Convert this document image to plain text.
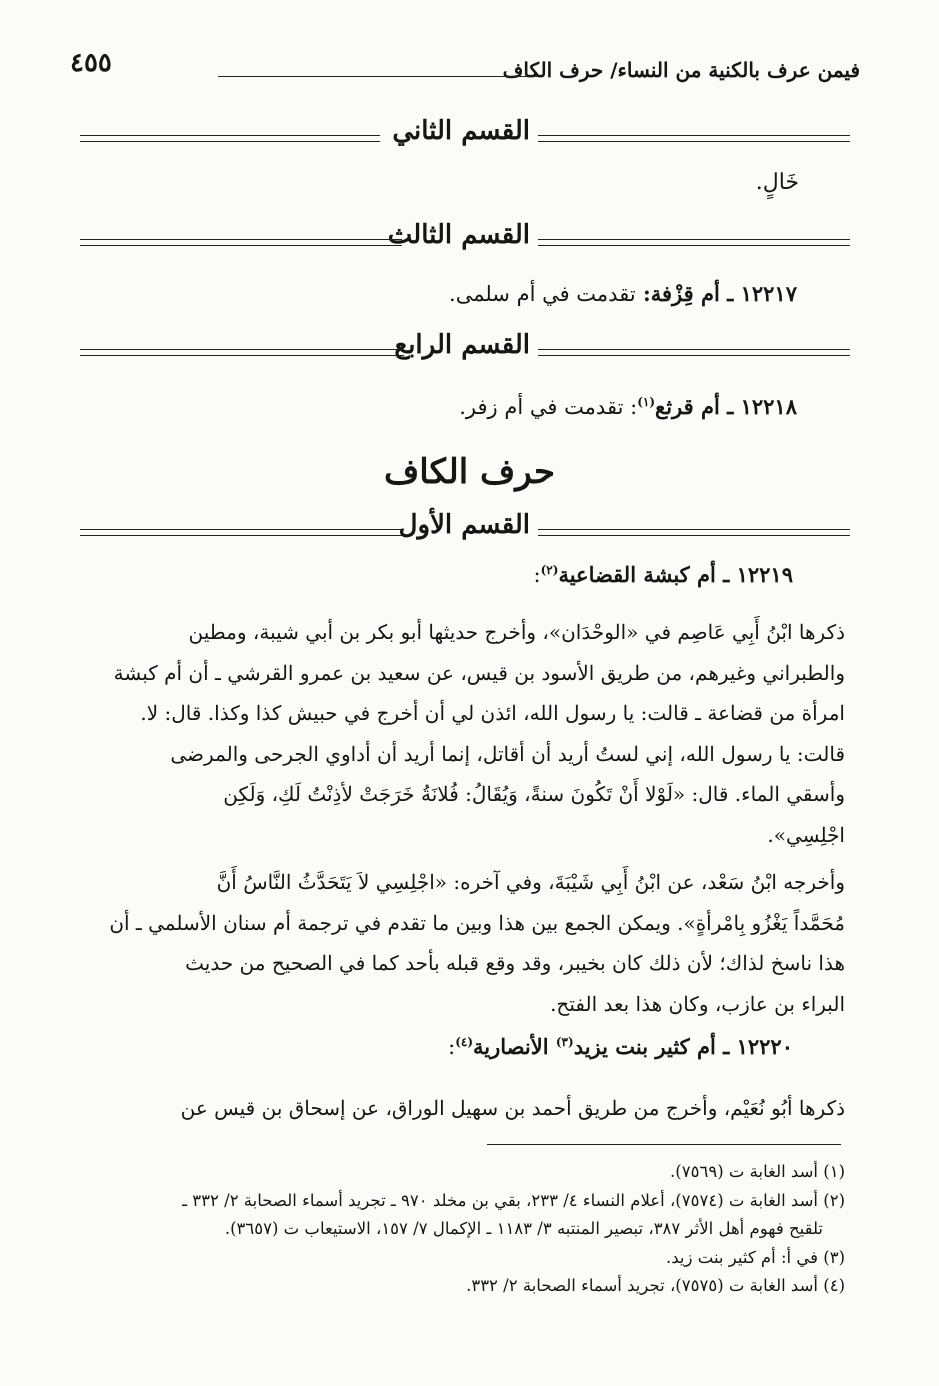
فيمن عرف بالكنية من النساء/ حرف الكاف
٤٥٥
القسم الثاني
خَالٍ.
القسم الثالث
١٢٢١٧ ـ أم قِزْفة: تقدمت في أم سلمى.
القسم الرابع
١٢٢١٨ ـ أم قرثع$^{(١)}$: تقدمت في أم زفر.
حرف الكاف
القسم الأول
١٢٢١٩ ـ أم كبشة القضاعية$^{(٢)}$:
ذكرها ابْنُ أَبِي عَاصِم في «الوحْدَان»، وأخرج حديثها أبو بكر بن أبي شيبة، ومطين
والطبراني وغيرهم، من طريق الأسود بن قيس، عن سعيد بن عمرو القرشي ـ أن أم كبشة
امرأة من قضاعة ـ قالت: يا رسول الله، ائذن لي أن أخرج في حبيش كذا وكذا. قال: لا.
قالت: يا رسول الله، إني لستُ أريد أن أقاتل، إنما أريد أن أداوي الجرحى والمرضى
وأسقي الماء. قال: «لَوْلا أَنْ تَكُونَ سنةً، وَيُقَالُ: فُلانَةُ خَرَجَتْ لأذِنْتُ لَكِ، وَلَكِن
اجْلِسِي».
وأخرجه ابْنُ سَعْد، عن ابْنُ أَبِي شَيْبَةَ، وفي آخره: «اجْلِسِي لاَ يَتَحَدَّثُ النَّاسُ أَنَّ
مُحَمَّداً يَغْزُو بِامْرأةٍ». ويمكن الجمع بين هذا وبين ما تقدم في ترجمة أم سنان الأسلمي ـ أن
هذا ناسخ لذاك؛ لأن ذلك كان بخيبر، وقد وقع قبله بأحد كما في الصحيح من حديث
البراء بن عازب، وكان هذا بعد الفتح.
١٢٢٢٠ ـ أم كثير بنت يزيد$^{(٣)}$ الأنصارية$^{(٤)}$:
ذكرها أبُو نُعَيْم، وأخرج من طريق أحمد بن سهيل الوراق، عن إسحاق بن قيس عن
(١) أسد الغابة ت (٧٥٦٩).
(٢) أسد الغابة ت (٧٥٧٤)، أعلام النساء ٤/ ٢٣٣، بقي بن مخلد ٩٧٠ ـ تجريد أسماء الصحابة ٢/ ٣٣٢ ـ
تلقيح فهوم أهل الأثر ٣٨٧، تبصير المنتبه ٣/ ١١٨٣ ـ الإكمال ٧/ ١٥٧، الاستيعاب ت (٣٦٥٧).
(٣) في أ: أم كثير بنت زيد.
(٤) أسد الغابة ت (٧٥٧٥)، تجريد أسماء الصحابة ٢/ ٣٣٢.
